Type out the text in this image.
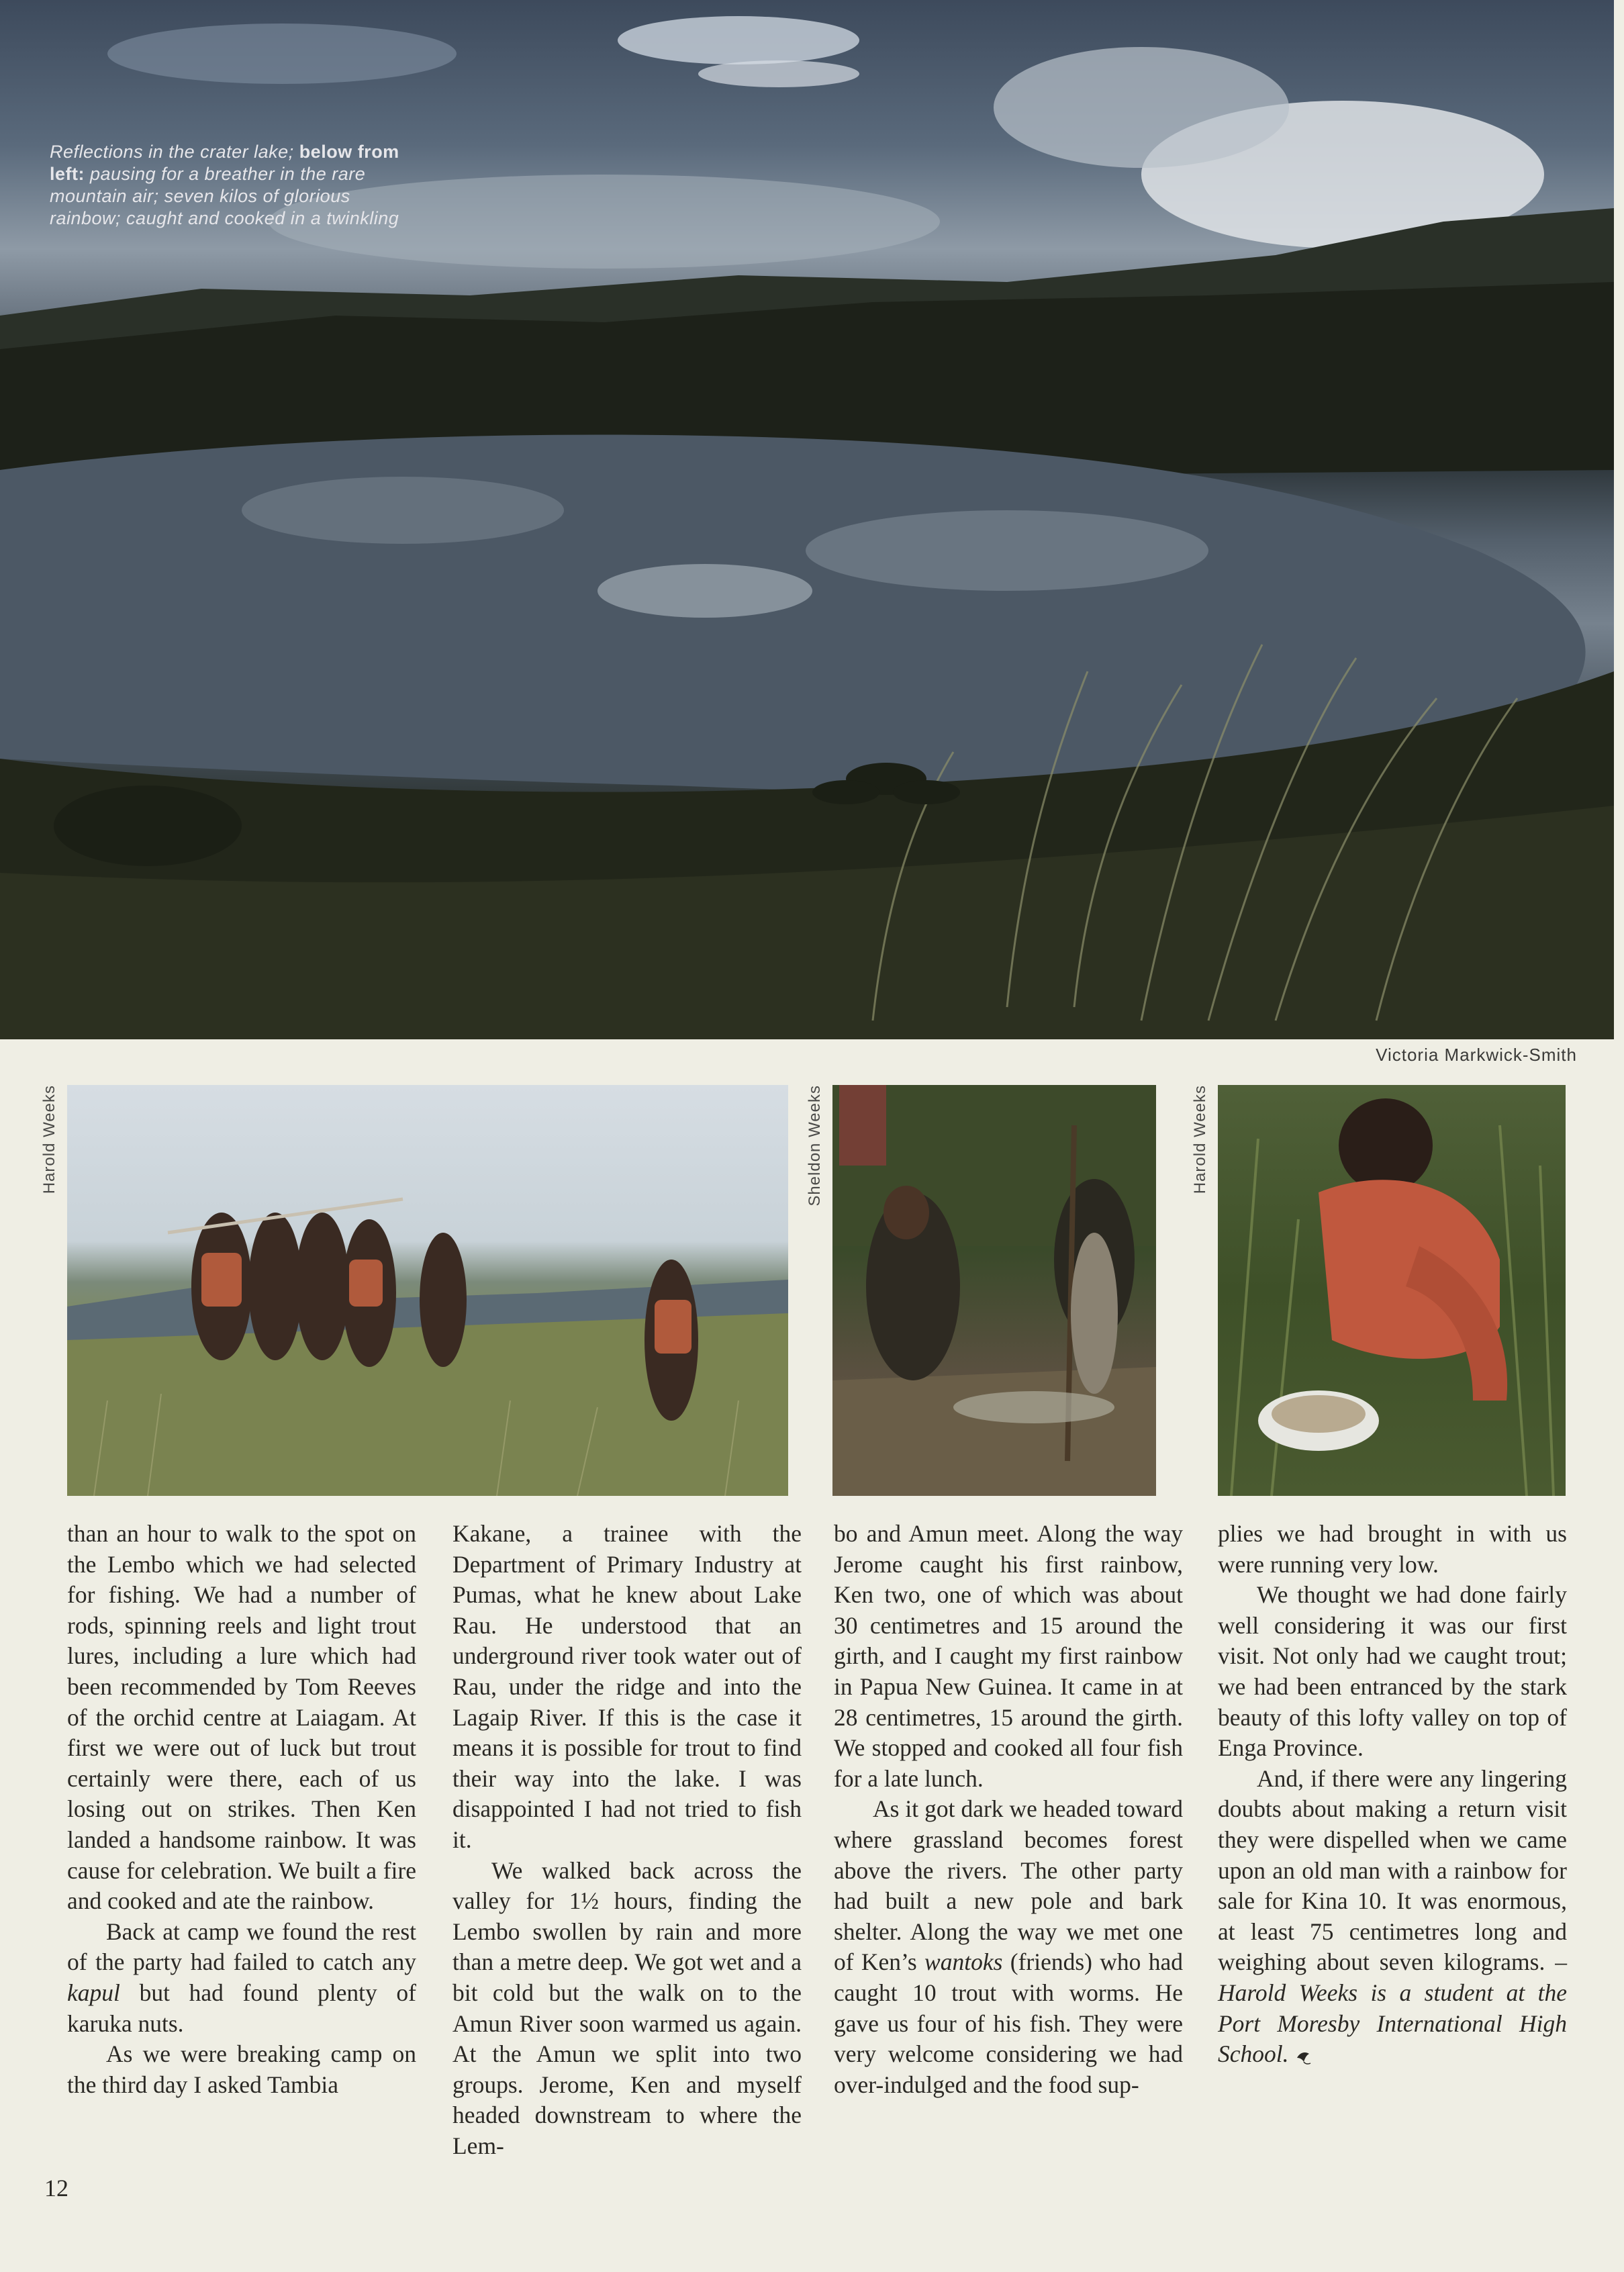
Reflections in the crater lake; below from left: pausing for a breather in the rare mountain air; seven kilos of glorious rainbow; caught and cooked in a twinkling
Victoria Markwick-Smith
Harold Weeks	Sheldon Weeks	Harold Weeks

than an hour to walk to the spot on the Lembo which we had selected for fishing. We had a number of rods, spinning reels and light trout lures, including a lure which had been recommended by Tom Reeves of the orchid centre at Laiagam. At first we were out of luck but trout certainly were there, each of us losing out on strikes. Then Ken landed a handsome rainbow. It was cause for celebration. We built a fire and cooked and ate the rainbow.

Back at camp we found the rest of the party had failed to catch any kapul but had found plenty of karuka nuts.

As we were breaking camp on the third day I asked Tambia

Kakane, a trainee with the Department of Primary Industry at Pumas, what he knew about Lake Rau. He understood that an underground river took water out of Rau, under the ridge and into the Lagaip River. If this is the case it means it is possible for trout to find their way into the lake. I was disappointed I had not tried to fish it.

We walked back across the valley for 1½ hours, finding the Lembo swollen by rain and more than a metre deep. We got wet and a bit cold but the walk on to the Amun River soon warmed us again. At the Amun we split into two groups. Jerome, Ken and myself headed downstream to where the Lem-

bo and Amun meet. Along the way Jerome caught his first rainbow, Ken two, one of which was about 30 centimetres and 15 around the girth, and I caught my first rainbow in Papua New Guinea. It came in at 28 centimetres, 15 around the girth. We stopped and cooked all four fish for a late lunch.

As it got dark we headed toward where grassland becomes forest above the rivers. The other party had built a new pole and bark shelter. Along the way we met one of Ken’s wantoks (friends) who had caught 10 trout with worms. He gave us four of his fish. They were very welcome considering we had over-indulged and the food sup-

plies we had brought in with us were running very low.

We thought we had done fairly well considering it was our first visit. Not only had we caught trout; we had been entranced by the stark beauty of this lofty valley on top of Enga Province.

And, if there were any lingering doubts about making a return visit they were dispelled when we came upon an old man with a rainbow for sale for Kina 10. It was enormous, at least 75 centimetres long and weighing about seven kilograms. – Harold Weeks is a student at the Port Moresby International High School.

12
